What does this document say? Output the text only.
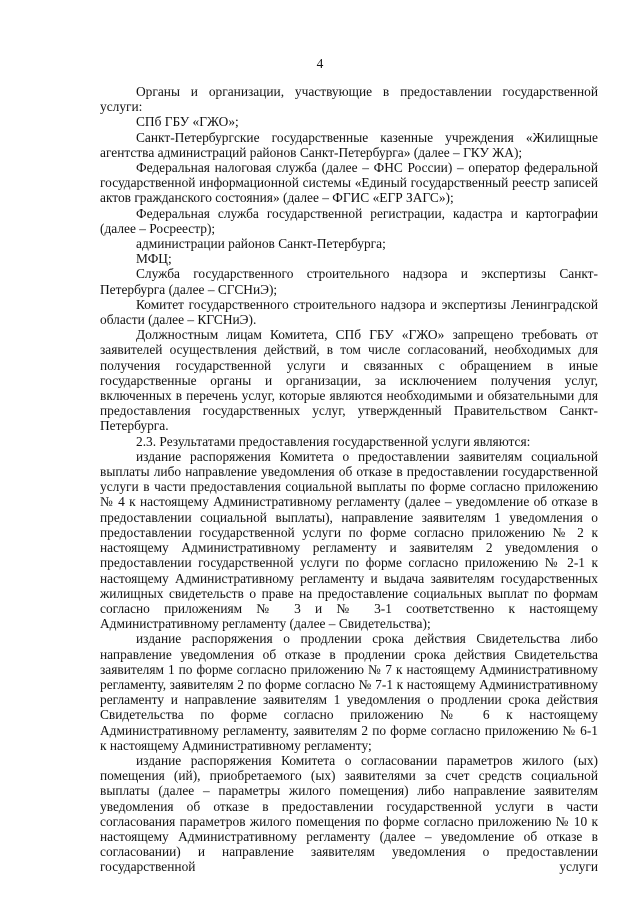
4

Органы и организации, участвующие в предоставлении государственной услуги:

СПб ГБУ «ГЖО»;

Санкт-Петербургские государственные казенные учреждения «Жилищные агентства администраций районов Санкт-Петербурга» (далее – ГКУ ЖА);

Федеральная налоговая служба (далее – ФНС России) – оператор федеральной государственной информационной системы «Единый государственный реестр записей актов гражданского состояния» (далее – ФГИС «ЕГР ЗАГС»);

Федеральная служба государственной регистрации, кадастра и картографии (далее – Росреестр);

администрации районов Санкт-Петербурга;

МФЦ;

Служба государственного строительного надзора и экспертизы Санкт-Петербурга (далее – СГСНиЭ);

Комитет государственного строительного надзора и экспертизы Ленинградской области (далее – КГСНиЭ).

Должностным лицам Комитета, СПб ГБУ «ГЖО» запрещено требовать от заявителей осуществления действий, в том числе согласований, необходимых для получения государственной услуги и связанных с обращением в иные государственные органы и организации, за исключением получения услуг, включенных в перечень услуг, которые являются необходимыми и обязательными для предоставления государственных услуг, утвержденный Правительством Санкт-Петербурга.

2.3. Результатами предоставления государственной услуги являются:

издание распоряжения Комитета о предоставлении заявителям социальной выплаты либо направление уведомления об отказе в предоставлении государственной услуги в части предоставления социальной выплаты по форме согласно приложению № 4 к настоящему Административному регламенту (далее – уведомление об отказе в предоставлении социальной выплаты), направление заявителям 1 уведомления о предоставлении государственной услуги по форме согласно приложению № 2 к настоящему Административному регламенту и заявителям 2 уведомления о предоставлении государственной услуги по форме согласно приложению № 2-1 к настоящему Административному регламенту и выдача заявителям государственных жилищных свидетельств о праве на предоставление социальных выплат по формам согласно приложениям № 3 и № 3-1 соответственно к настоящему Административному регламенту (далее – Свидетельства);

издание распоряжения о продлении срока действия Свидетельства либо направление уведомления об отказе в продлении срока действия Свидетельства заявителям 1 по форме согласно приложению № 7 к настоящему Административному регламенту, заявителям 2 по форме согласно № 7-1 к настоящему Административному регламенту и направление заявителям 1 уведомления о продлении срока действия Свидетельства по форме согласно приложению № 6 к настоящему Административному регламенту, заявителям 2 по форме согласно приложению № 6-1 к настоящему Административному регламенту;

издание распоряжения Комитета о согласовании параметров жилого (ых) помещения (ий), приобретаемого (ых) заявителями за счет средств социальной выплаты (далее – параметры жилого помещения) либо направление заявителям уведомления об отказе в предоставлении государственной услуги в части согласования параметров жилого помещения по форме согласно приложению № 10 к настоящему Административному регламенту (далее – уведомление об отказе в согласовании) и направление заявителям уведомления о предоставлении государственной услуги
